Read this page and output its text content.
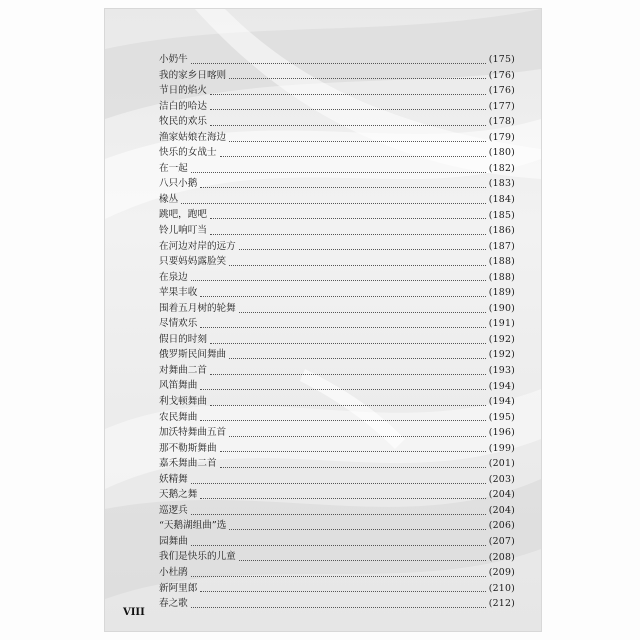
小奶牛	(175)
我的家乡日喀则	(176)
节日的焰火	(176)
洁白的哈达	(177)
牧民的欢乐	(178)
渔家姑娘在海边	(179)
快乐的女战士	(180)
在一起	(182)
八只小鹅	(183)
椽丛	(184)
跳吧，跑吧	(185)
铃儿响叮当	(186)
在河边对岸的远方	(187)
只要妈妈露脸笑	(188)
在泉边	(188)
苹果丰收	(189)
围着五月树的轮舞	(190)
尽情欢乐	(191)
假日的时刻	(192)
俄罗斯民间舞曲	(192)
对舞曲二首	(193)
风笛舞曲	(194)
利戈顿舞曲	(194)
农民舞曲	(195)
加沃特舞曲五首	(196)
那不勒斯舞曲	(199)
嘉禾舞曲二首	(201)
妖精舞	(203)
天鹅之舞	(204)
巡逻兵	(204)
“天鹅湖组曲”选	(206)
园舞曲	(207)
我们是快乐的儿童	(208)
小杜鹃	(209)
新阿里郎	(210)
春之歌	(212)
VIII
